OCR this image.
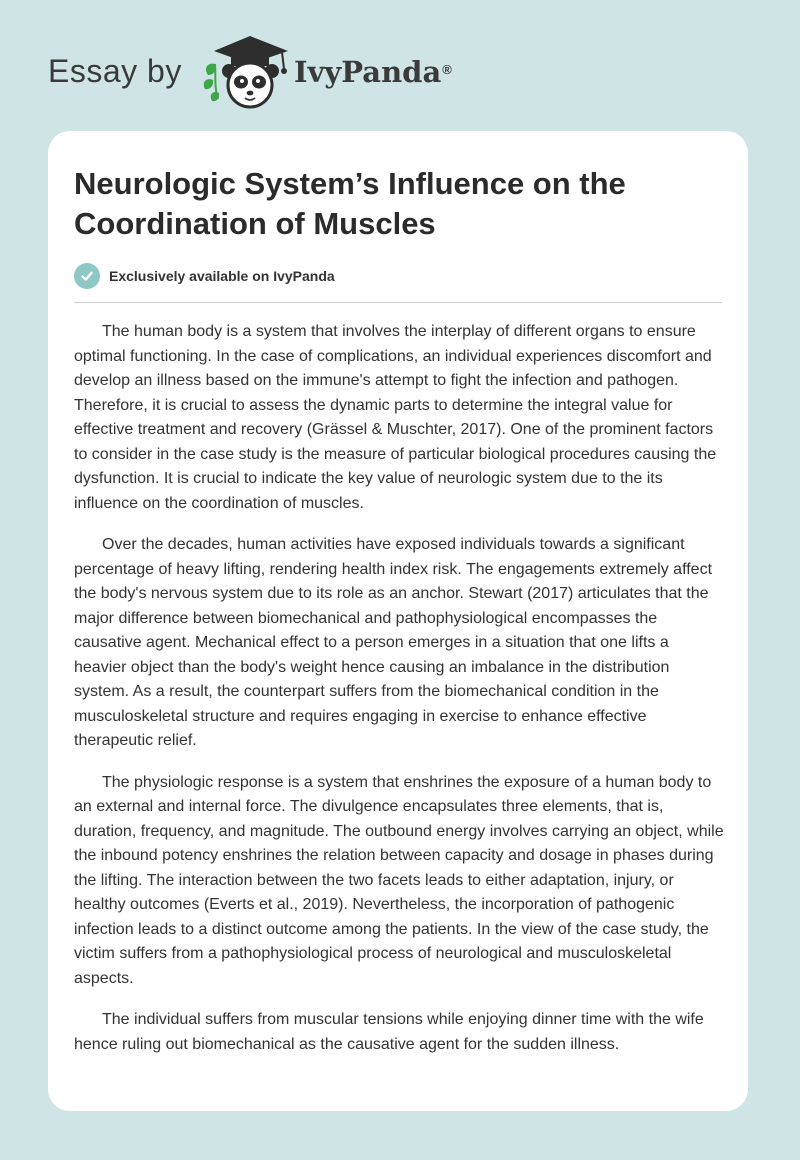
Essay by	IvyPanda®
Neurologic System’s Influence on the Coordination of Muscles
Exclusively available on IvyPanda

The human body is a system that involves the interplay of different organs to ensure optimal functioning. In the case of complications, an individual experiences discomfort and develop an illness based on the immune's attempt to fight the infection and pathogen. Therefore, it is crucial to assess the dynamic parts to determine the integral value for effective treatment and recovery (Grässel & Muschter, 2017). One of the prominent factors to consider in the case study is the measure of particular biological procedures causing the dysfunction. It is crucial to indicate the key value of neurologic system due to the its influence on the coordination of muscles.

Over the decades, human activities have exposed individuals towards a significant percentage of heavy lifting, rendering health index risk. The engagements extremely affect the body's nervous system due to its role as an anchor. Stewart (2017) articulates that the major difference between biomechanical and pathophysiological encompasses the causative agent. Mechanical effect to a person emerges in a situation that one lifts a heavier object than the body's weight hence causing an imbalance in the distribution system. As a result, the counterpart suffers from the biomechanical condition in the musculoskeletal structure and requires engaging in exercise to enhance effective therapeutic relief.

The physiologic response is a system that enshrines the exposure of a human body to an external and internal force. The divulgence encapsulates three elements, that is, duration, frequency, and magnitude. The outbound energy involves carrying an object, while the inbound potency enshrines the relation between capacity and dosage in phases during the lifting. The interaction between the two facets leads to either adaptation, injury, or healthy outcomes (Everts et al., 2019). Nevertheless, the incorporation of pathogenic infection leads to a distinct outcome among the patients. In the view of the case study, the victim suffers from a pathophysiological process of neurological and musculoskeletal aspects.

The individual suffers from muscular tensions while enjoying dinner time with the wife hence ruling out biomechanical as the causative agent for the sudden illness.
